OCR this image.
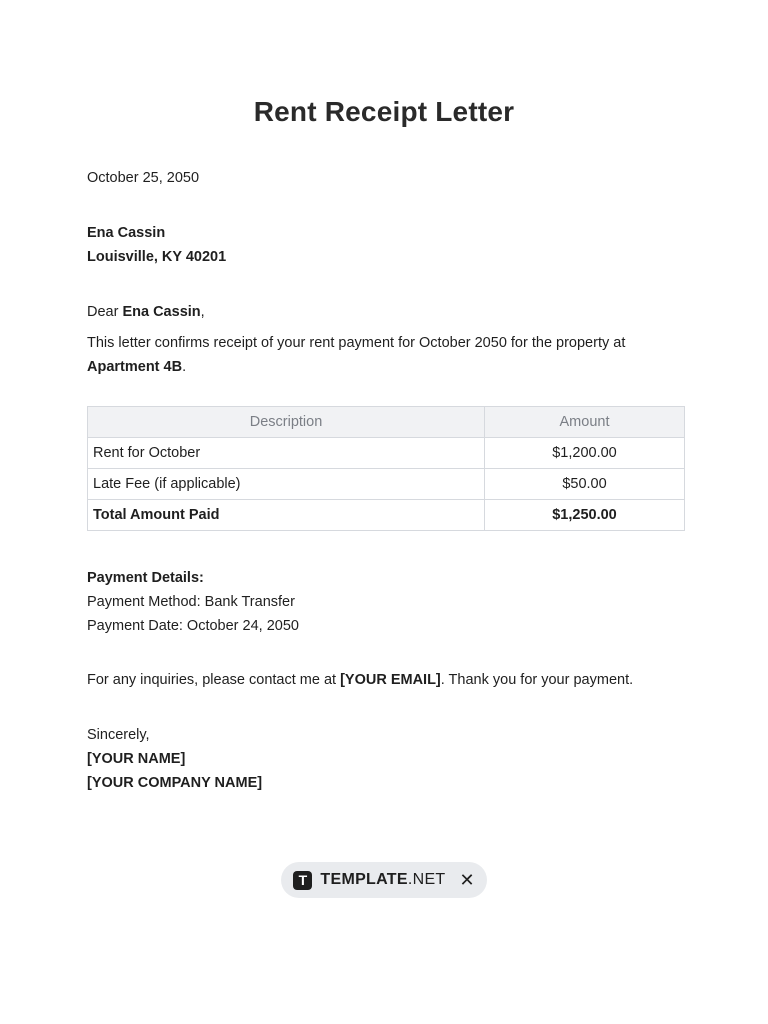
Rent Receipt Letter
October 25, 2050
Ena Cassin
Louisville, KY 40201
Dear Ena Cassin,
This letter confirms receipt of your rent payment for October 2050 for the property at
Apartment 4B.
Description	Amount
Rent for October	$1,200.00
Late Fee (if applicable)	$50.00
Total Amount Paid	$1,250.00
Payment Details:
Payment Method: Bank Transfer
Payment Date: October 24, 2050
For any inquiries, please contact me at [YOUR EMAIL]. Thank you for your payment.
Sincerely,
[YOUR NAME]
[YOUR COMPANY NAME]
T TEMPLATE.NET ✕
